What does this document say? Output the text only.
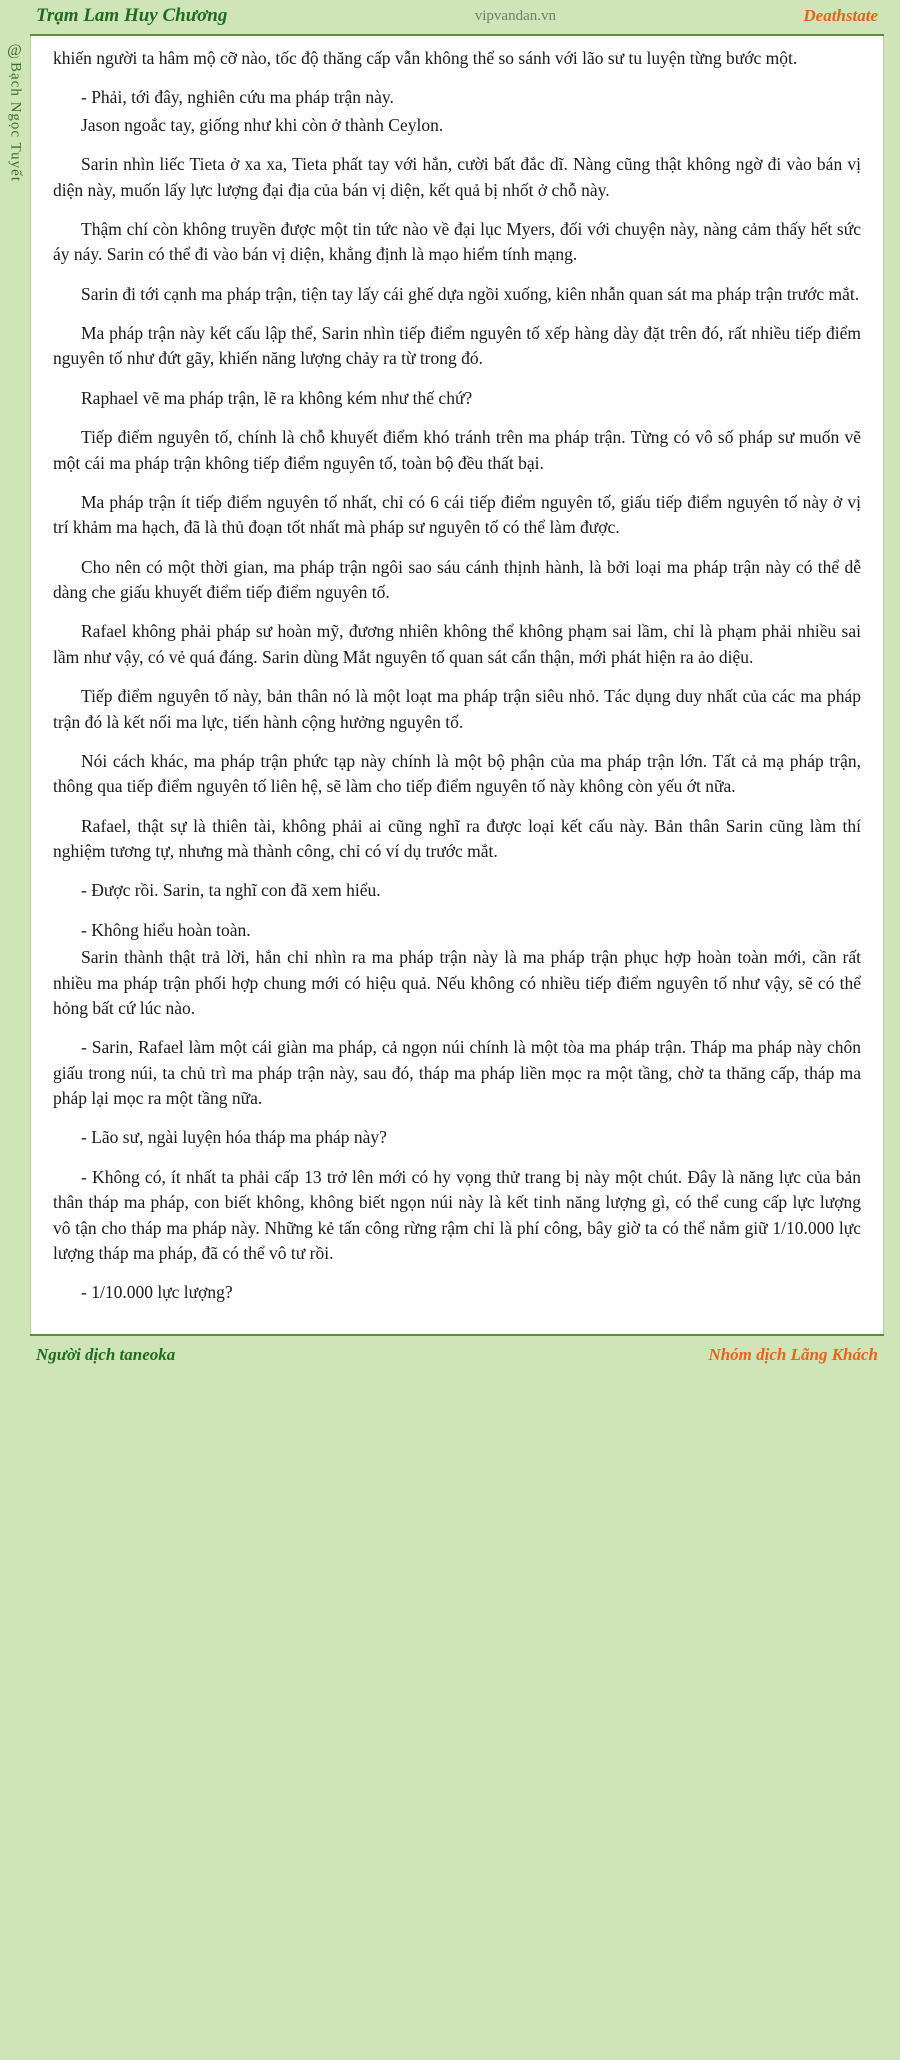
@
Bạch Ngọc Tuyết
Trạm Lam Huy Chương	vipvandan.vn	Deathstate

khiến người ta hâm mộ cỡ nào, tốc độ thăng cấp vẫn không thể so sánh với lão sư tu luyện từng bước một.

- Phải, tới đây, nghiên cứu ma pháp trận này.

Jason ngoắc tay, giống như khi còn ở thành Ceylon.

Sarin nhìn liếc Tieta ở xa xa, Tieta phất tay với hắn, cười bất đắc dĩ. Nàng cũng thật không ngờ đi vào bán vị diện này, muốn lấy lực lượng đại địa của bán vị diện, kết quả bị nhốt ở chỗ này.

Thậm chí còn không truyền được một tin tức nào về đại lục Myers, đối với chuyện này, nàng cảm thấy hết sức áy náy. Sarin có thể đi vào bán vị diện, khẳng định là mạo hiểm tính mạng.

Sarin đi tới cạnh ma pháp trận, tiện tay lấy cái ghế dựa ngồi xuống, kiên nhẫn quan sát ma pháp trận trước mắt.

Ma pháp trận này kết cấu lập thể, Sarin nhìn tiếp điểm nguyên tố xếp hàng dày đặt trên đó, rất nhiều tiếp điểm nguyên tố như đứt gãy, khiến năng lượng chảy ra từ trong đó.

Raphael vẽ ma pháp trận, lẽ ra không kém như thế chứ?

Tiếp điểm nguyên tố, chính là chỗ khuyết điểm khó tránh trên ma pháp trận. Từng có vô số pháp sư muốn vẽ một cái ma pháp trận không tiếp điểm nguyên tố, toàn bộ đều thất bại.

Ma pháp trận ít tiếp điểm nguyên tố nhất, chỉ có 6 cái tiếp điểm nguyên tố, giấu tiếp điểm nguyên tố này ở vị trí khảm ma hạch, đã là thủ đoạn tốt nhất mà pháp sư nguyên tố có thể làm được.

Cho nên có một thời gian, ma pháp trận ngôi sao sáu cánh thịnh hành, là bởi loại ma pháp trận này có thể dễ dàng che giấu khuyết điểm tiếp điểm nguyên tố.

Rafael không phải pháp sư hoàn mỹ, đương nhiên không thể không phạm sai lầm, chỉ là phạm phải nhiều sai lầm như vậy, có vẻ quá đáng. Sarin dùng Mắt nguyên tố quan sát cẩn thận, mới phát hiện ra ảo diệu.

Tiếp điểm nguyên tố này, bản thân nó là một loạt ma pháp trận siêu nhỏ. Tác dụng duy nhất của các ma pháp trận đó là kết nối ma lực, tiến hành cộng hưởng nguyên tố.

Nói cách khác, ma pháp trận phức tạp này chính là một bộ phận của ma pháp trận lớn. Tất cả mạ pháp trận, thông qua tiếp điểm nguyên tố liên hệ, sẽ làm cho tiếp điểm nguyên tố này không còn yếu ớt nữa.

Rafael, thật sự là thiên tài, không phải ai cũng nghĩ ra được loại kết cấu này. Bản thân Sarin cũng làm thí nghiệm tương tự, nhưng mà thành công, chỉ có ví dụ trước mắt.

- Được rồi. Sarin, ta nghĩ con đã xem hiểu.

- Không hiểu hoàn toàn.

Sarin thành thật trả lời, hắn chỉ nhìn ra ma pháp trận này là ma pháp trận phục hợp hoàn toàn mới, cần rất nhiều ma pháp trận phối hợp chung mới có hiệu quả. Nếu không có nhiều tiếp điểm nguyên tố như vậy, sẽ có thể hỏng bất cứ lúc nào.

- Sarin, Rafael làm một cái giàn ma pháp, cả ngọn núi chính là một tòa ma pháp trận. Tháp ma pháp này chôn giấu trong núi, ta chủ trì ma pháp trận này, sau đó, tháp ma pháp liền mọc ra một tầng, chờ ta thăng cấp, tháp ma pháp lại mọc ra một tầng nữa.

- Lão sư, ngài luyện hóa tháp ma pháp này?

- Không có, ít nhất ta phải cấp 13 trở lên mới có hy vọng thử trang bị này một chút. Đây là năng lực của bản thân tháp ma pháp, con biết không, không biết ngọn núi này là kết tinh năng lượng gì, có thể cung cấp lực lượng vô tận cho tháp ma pháp này. Những kẻ tấn công rừng rậm chỉ là phí công, bây giờ ta có thể nắm giữ 1/10.000 lực lượng tháp ma pháp, đã có thể vô tư rồi.

- 1/10.000 lực lượng?

Người dịch taneoka	Nhóm dịch Lãng Khách
